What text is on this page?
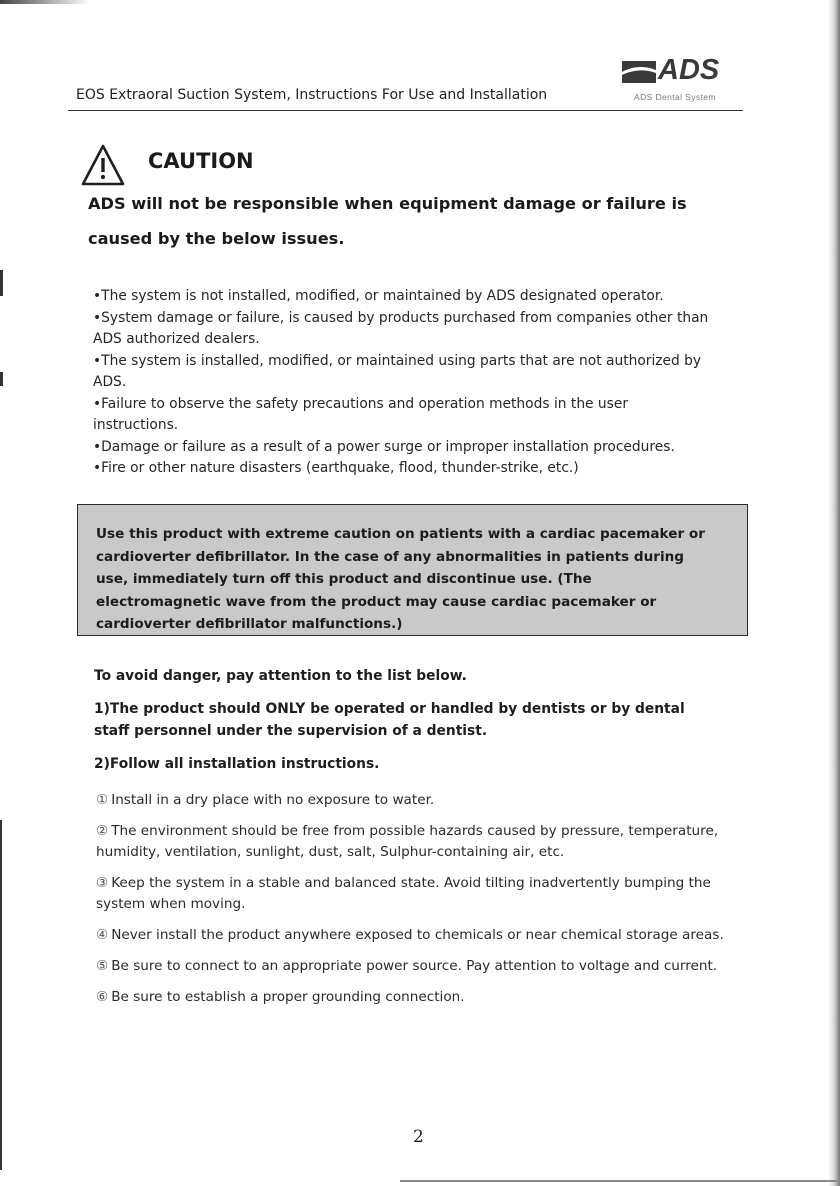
EOS Extraoral Suction System, Instructions For Use and Installation
ADS
ADS Dental System
CAUTION
ADS will not be responsible when equipment damage or failure is caused by the below issues.
• The system is not installed, modified, or maintained by ADS designated operator.
• System damage or failure, is caused by products purchased from companies other than ADS authorized dealers.
• The system is installed, modified, or maintained using parts that are not authorized by ADS.
• Failure to observe the safety precautions and operation methods in the user instructions.
• Damage or failure as a result of a power surge or improper installation procedures.
• Fire or other nature disasters (earthquake, flood, thunder-strike, etc.)
Use this product with extreme caution on patients with a cardiac pacemaker or cardioverter defibrillator. In the case of any abnormalities in patients during use, immediately turn off this product and discontinue use. (The electromagnetic wave from the product may cause cardiac pacemaker or cardioverter defibrillator malfunctions.)
To avoid danger, pay attention to the list below.
1)The product should ONLY be operated or handled by dentists or by dental staff personnel under the supervision of a dentist.
2)Follow all installation instructions.
① Install in a dry place with no exposure to water.
② The environment should be free from possible hazards caused by pressure, temperature, humidity, ventilation, sunlight, dust, salt, Sulphur-containing air, etc.
③ Keep the system in a stable and balanced state. Avoid tilting inadvertently bumping the system when moving.
④ Never install the product anywhere exposed to chemicals or near chemical storage areas.
⑤ Be sure to connect to an appropriate power source. Pay attention to voltage and current.
⑥ Be sure to establish a proper grounding connection.
2
